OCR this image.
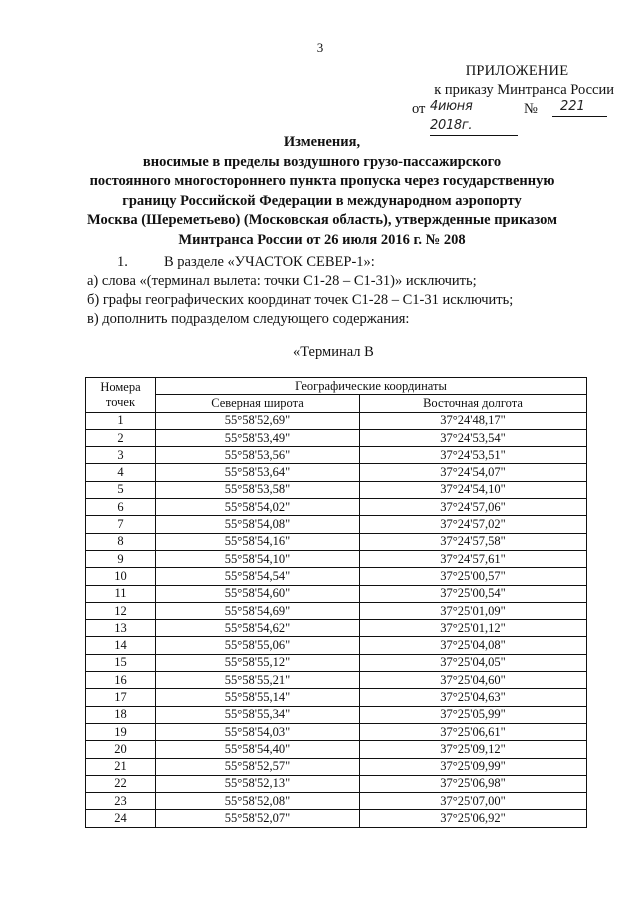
3
ПРИЛОЖЕНИЕ
к приказу Минтранса России
от 4июня 2018г.
№	221
Изменения,
вносимые в пределы воздушного грузо-пассажирского
постоянного многостороннего пункта пропуска через государственную
границу Российской Федерации в международном аэропорту
Москва (Шереметьево) (Московская область), утвержденные приказом
Минтранса России от 26 июля 2016 г. № 208
1. В разделе «УЧАСТОК СЕВЕР-1»:
а) слова «(терминал вылета: точки С1-28 – С1-31)» исключить;
б) графы географических координат точек С1-28 – С1-31 исключить;
в) дополнить подразделом следующего содержания:
«Терминал В
Номера
точек	Географические координаты	
	Северная широта	Восточная долгота
1	55°58'52,69"	37°24'48,17"
2	55°58'53,49"	37°24'53,54"
3	55°58'53,56"	37°24'53,51"
4	55°58'53,64"	37°24'54,07"
5	55°58'53,58"	37°24'54,10"
6	55°58'54,02"	37°24'57,06"
7	55°58'54,08"	37°24'57,02"
8	55°58'54,16"	37°24'57,58"
9	55°58'54,10"	37°24'57,61"
10	55°58'54,54"	37°25'00,57"
11	55°58'54,60"	37°25'00,54"
12	55°58'54,69"	37°25'01,09"
13	55°58'54,62"	37°25'01,12"
14	55°58'55,06"	37°25'04,08"
15	55°58'55,12"	37°25'04,05"
16	55°58'55,21"	37°25'04,60"
17	55°58'55,14"	37°25'04,63"
18	55°58'55,34"	37°25'05,99"
19	55°58'54,03"	37°25'06,61"
20	55°58'54,40"	37°25'09,12"
21	55°58'52,57"	37°25'09,99"
22	55°58'52,13"	37°25'06,98"
23	55°58'52,08"	37°25'07,00"
24	55°58'52,07"	37°25'06,92"
